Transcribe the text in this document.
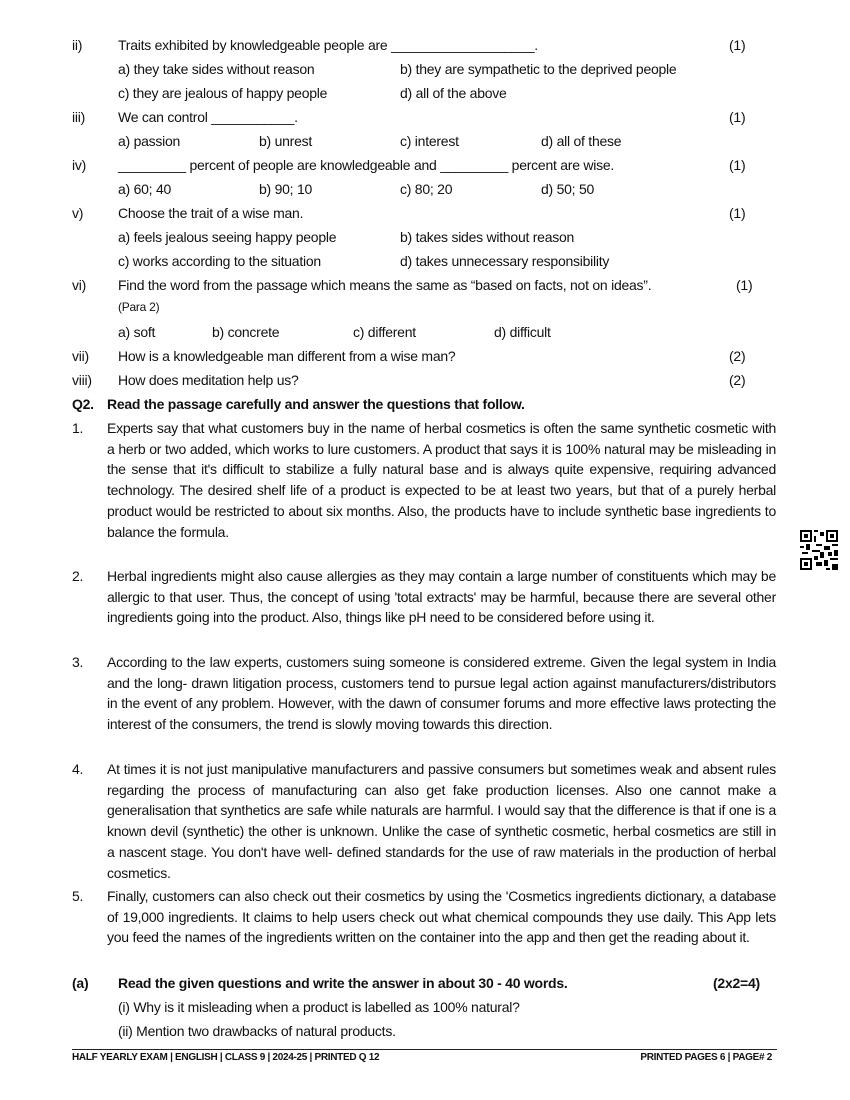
ii)	Traits exhibited by knowledgeable people are ___________________.	(1)
a) they take sides without reason	b) they are sympathetic to the deprived people
c) they are jealous of happy people	d) all of the above
iii) We can control ___________.	(1)
a) passion	b) unrest	c) interest	d) all of these
iv) _________ percent of people are knowledgeable and _________ percent are wise.	(1)
a) 60; 40	b) 90; 10	c) 80; 20	d) 50; 50
v) Choose the trait of a wise man.	(1)
a) feels jealous seeing happy people	b) takes sides without reason
c) works according to the situation	d) takes unnecessary responsibility
vi) Find the word from the passage which means the same as “based on facts, not on ideas”.	(1)
(Para 2)
a) soft	b) concrete	c) different	d) difficult
vii) How is a knowledgeable man different from a wise man?	(2)
viii) How does meditation help us?	(2)
Q2. Read the passage carefully and answer the questions that follow.
1. Experts say that what customers buy in the name of herbal cosmetics is often the same synthetic cosmetic with a herb or two added, which works to lure customers. A product that says it is 100% natural may be misleading in the sense that it's difficult to stabilize a fully natural base and is always quite expensive, requiring advanced technology. The desired shelf life of a product is expected to be at least two years, but that of a purely herbal product would be restricted to about six months. Also, the products have to include synthetic base ingredients to balance the formula.
2. Herbal ingredients might also cause allergies as they may contain a large number of constituents which may be allergic to that user. Thus, the concept of using 'total extracts' may be harmful, because there are several other ingredients going into the product. Also, things like pH need to be considered before using it.
3. According to the law experts, customers suing someone is considered extreme. Given the legal system in India and the long- drawn litigation process, customers tend to pursue legal action against manufacturers/distributors in the event of any problem. However, with the dawn of consumer forums and more effective laws protecting the interest of the consumers, the trend is slowly moving towards this direction.
4. At times it is not just manipulative manufacturers and passive consumers but sometimes weak and absent rules regarding the process of manufacturing can also get fake production licenses. Also one cannot make a generalisation that synthetics are safe while naturals are harmful. I would say that the difference is that if one is a known devil (synthetic) the other is unknown. Unlike the case of synthetic cosmetic, herbal cosmetics are still in a nascent stage. You don't have well- defined standards for the use of raw materials in the production of herbal cosmetics.
5. Finally, customers can also check out their cosmetics by using the 'Cosmetics ingredients dictionary, a database of 19,000 ingredients. It claims to help users check out what chemical compounds they use daily. This App lets you feed the names of the ingredients written on the container into the app and then get the reading about it.
(a) Read the given questions and write the answer in about 30 - 40 words.	(2x2=4)
(i) Why is it misleading when a product is labelled as 100% natural?
(ii) Mention two drawbacks of natural products.
HALF YEARLY EXAM | ENGLISH | CLASS 9 | 2024-25 | PRINTED Q 12	PRINTED PAGES 6 | PAGE# 2
